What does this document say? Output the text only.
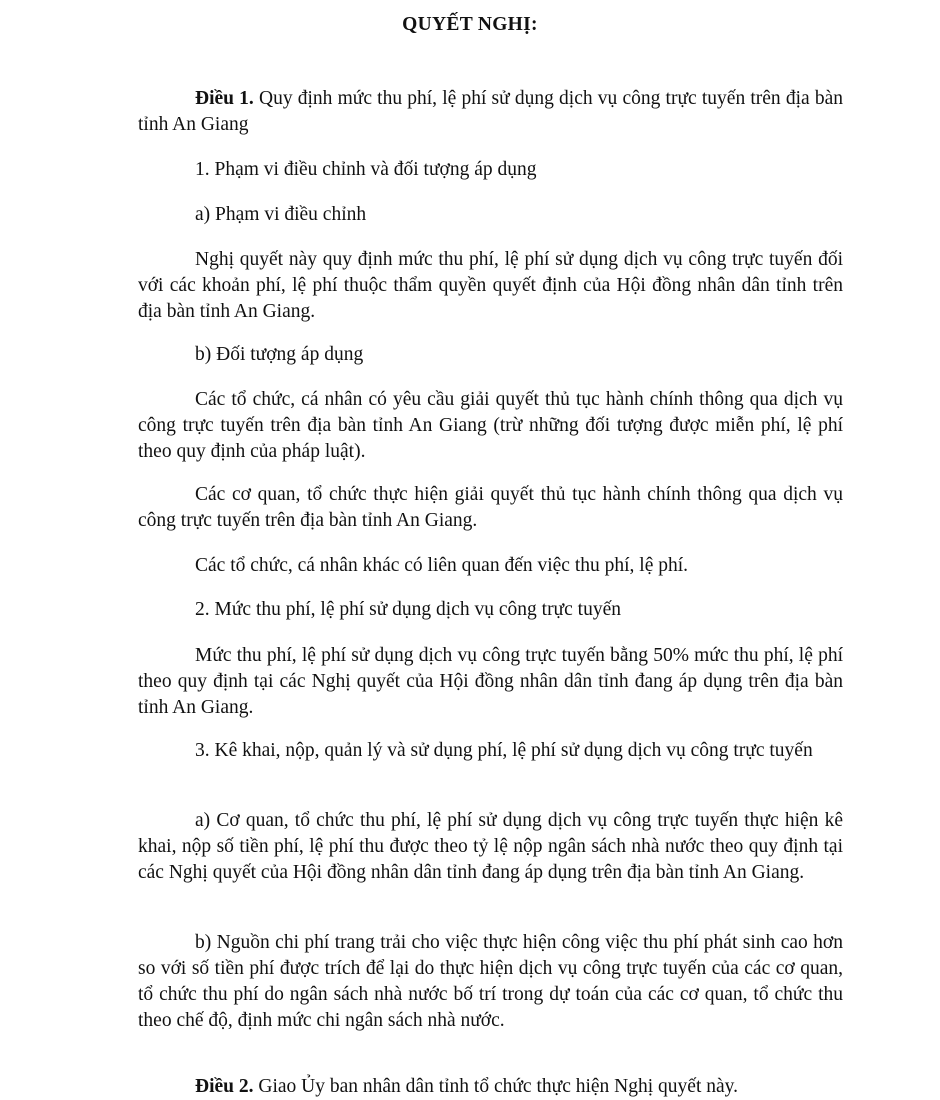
QUYẾT NGHỊ:

Điều 1. Quy định mức thu phí, lệ phí sử dụng dịch vụ công trực tuyến trên địa bàn tỉnh An Giang

1. Phạm vi điều chỉnh và đối tượng áp dụng

a) Phạm vi điều chỉnh

Nghị quyết này quy định mức thu phí, lệ phí sử dụng dịch vụ công trực tuyến đối với các khoản phí, lệ phí thuộc thẩm quyền quyết định của Hội đồng nhân dân tỉnh trên địa bàn tỉnh An Giang.

b) Đối tượng áp dụng

Các tổ chức, cá nhân có yêu cầu giải quyết thủ tục hành chính thông qua dịch vụ công trực tuyến trên địa bàn tỉnh An Giang (trừ những đối tượng được miễn phí, lệ phí theo quy định của pháp luật).

Các cơ quan, tổ chức thực hiện giải quyết thủ tục hành chính thông qua dịch vụ công trực tuyến trên địa bàn tỉnh An Giang.

Các tổ chức, cá nhân khác có liên quan đến việc thu phí, lệ phí.

2. Mức thu phí, lệ phí sử dụng dịch vụ công trực tuyến

Mức thu phí, lệ phí sử dụng dịch vụ công trực tuyến bằng 50% mức thu phí, lệ phí theo quy định tại các Nghị quyết của Hội đồng nhân dân tỉnh đang áp dụng trên địa bàn tỉnh An Giang.

3. Kê khai, nộp, quản lý và sử dụng phí, lệ phí sử dụng dịch vụ công trực tuyến

a) Cơ quan, tổ chức thu phí, lệ phí sử dụng dịch vụ công trực tuyến thực hiện kê khai, nộp số tiền phí, lệ phí thu được theo tỷ lệ nộp ngân sách nhà nước theo quy định tại các Nghị quyết của Hội đồng nhân dân tỉnh đang áp dụng trên địa bàn tỉnh An Giang.

b) Nguồn chi phí trang trải cho việc thực hiện công việc thu phí phát sinh cao hơn so với số tiền phí được trích để lại do thực hiện dịch vụ công trực tuyến của các cơ quan, tổ chức thu phí do ngân sách nhà nước bố trí trong dự toán của các cơ quan, tổ chức thu theo chế độ, định mức chi ngân sách nhà nước.

Điều 2. Giao Ủy ban nhân dân tỉnh tổ chức thực hiện Nghị quyết này.
